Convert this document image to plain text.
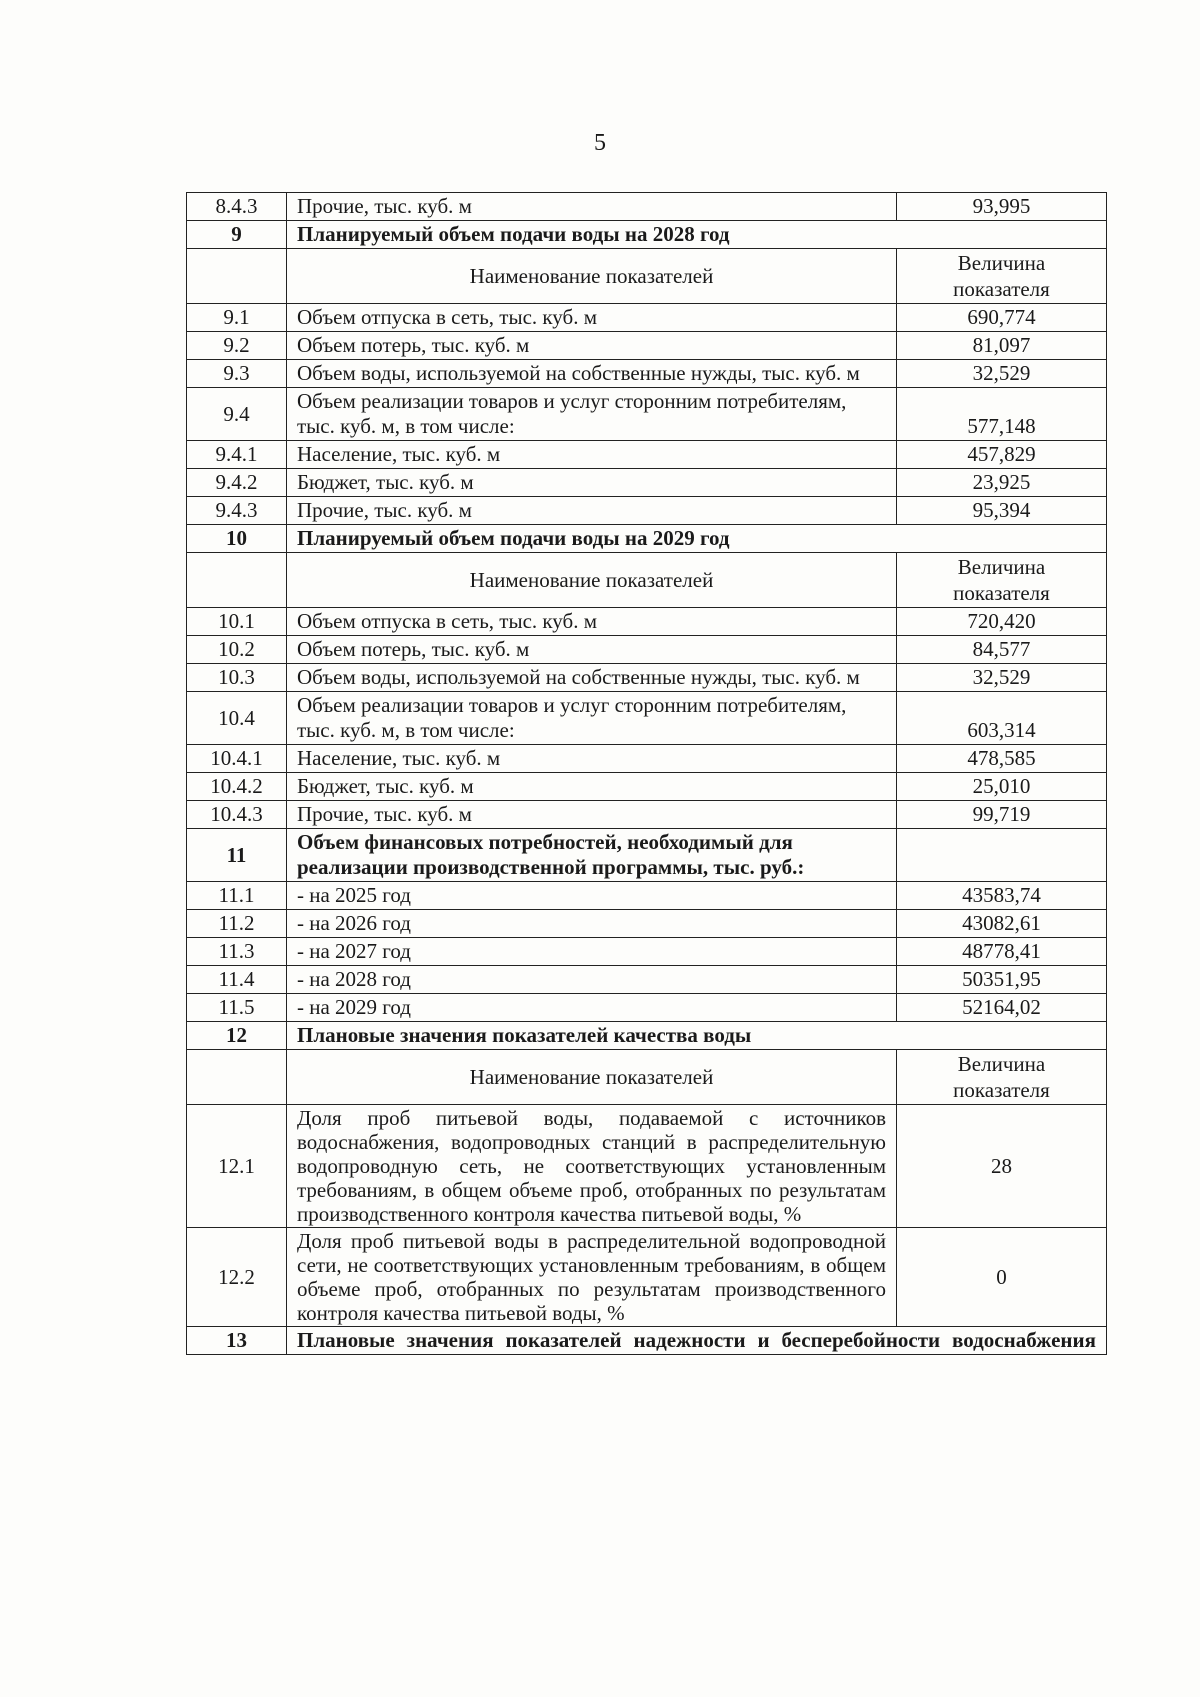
5
8.4.3	Прочие, тыс. куб. м	93,995
9	Планируемый объем подачи воды на 2028 год	
	Наименование показателей	Величина показателя
9.1	Объем отпуска в сеть, тыс. куб. м	690,774
9.2	Объем потерь, тыс. куб. м	81,097
9.3	Объем воды, используемой на собственные нужды, тыс. куб. м	32,529
9.4	Объем реализации товаров и услуг сторонним потребителям, тыс. куб. м, в том числе:	577,148
9.4.1	Население, тыс. куб. м	457,829
9.4.2	Бюджет, тыс. куб. м	23,925
9.4.3	Прочие, тыс. куб. м	95,394
10	Планируемый объем подачи воды на 2029 год	
	Наименование показателей	Величина показателя
10.1	Объем отпуска в сеть, тыс. куб. м	720,420
10.2	Объем потерь, тыс. куб. м	84,577
10.3	Объем воды, используемой на собственные нужды, тыс. куб. м	32,529
10.4	Объем реализации товаров и услуг сторонним потребителям, тыс. куб. м, в том числе:	603,314
10.4.1	Население, тыс. куб. м	478,585
10.4.2	Бюджет, тыс. куб. м	25,010
10.4.3	Прочие, тыс. куб. м	99,719
11	Объем финансовых потребностей, необходимый для реализации производственной программы, тыс. руб.:	
11.1	- на 2025 год	43583,74
11.2	- на 2026 год	43082,61
11.3	- на 2027 год	48778,41
11.4	- на 2028 год	50351,95
11.5	- на 2029 год	52164,02
12	Плановые значения показателей качества воды	
	Наименование показателей	Величина показателя
12.1	Доля проб питьевой воды, подаваемой с источников водоснабжения, водопроводных станций в распределительную водопроводную сеть, не соответствующих установленным требованиям, в общем объеме проб, отобранных по результатам производственного контроля качества питьевой воды, %	28
12.2	Доля проб питьевой воды в распределительной водопроводной сети, не соответствующих установленным требованиям, в общем объеме проб, отобранных по результатам производственного контроля качества питьевой воды, %	0
13	Плановые значения показателей надежности и бесперебойности водоснабжения	
